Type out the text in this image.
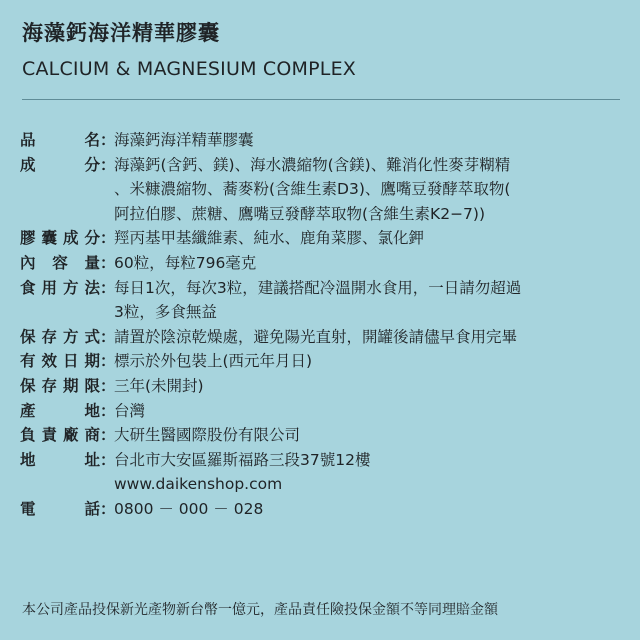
海藻鈣海洋精華膠囊
CALCIUM & MAGNESIUM COMPLEX
品	名 ：
海藻鈣海洋精華膠囊
成	分 ：
海藻鈣(含鈣、鎂)、海水濃縮物(含鎂)、難消化性麥芽糊精
、米糠濃縮物、蕎麥粉(含維生素D3)、鷹嘴豆發酵萃取物(
阿拉伯膠、蔗糖、鷹嘴豆發酵萃取物(含維生素K2−7))
膠 囊 成 分 ：
羥丙基甲基纖維素、純水、鹿角菜膠、氯化鉀
內 容 量 ：
60粒，每粒796毫克
食 用 方 法 ：
每日1次，每次3粒，建議搭配冷溫開水食用，一日請勿超過
3粒，多食無益
保 存 方 式 ：
請置於陰涼乾燥處，避免陽光直射，開罐後請儘早食用完畢
有 效 日 期 ：
標示於外包裝上(西元年月日)
保 存 期 限 ：
三年(未開封)
產	地 ：
台灣
負 責 廠 商 ：
大研生醫國際股份有限公司
地	址 ：
台北市大安區羅斯福路三段37號12樓
www.daikenshop.com
電	話 ：
0800 － 000 － 028
本公司產品投保新光產物新台幣一億元，產品責任險投保金額不等同理賠金額
